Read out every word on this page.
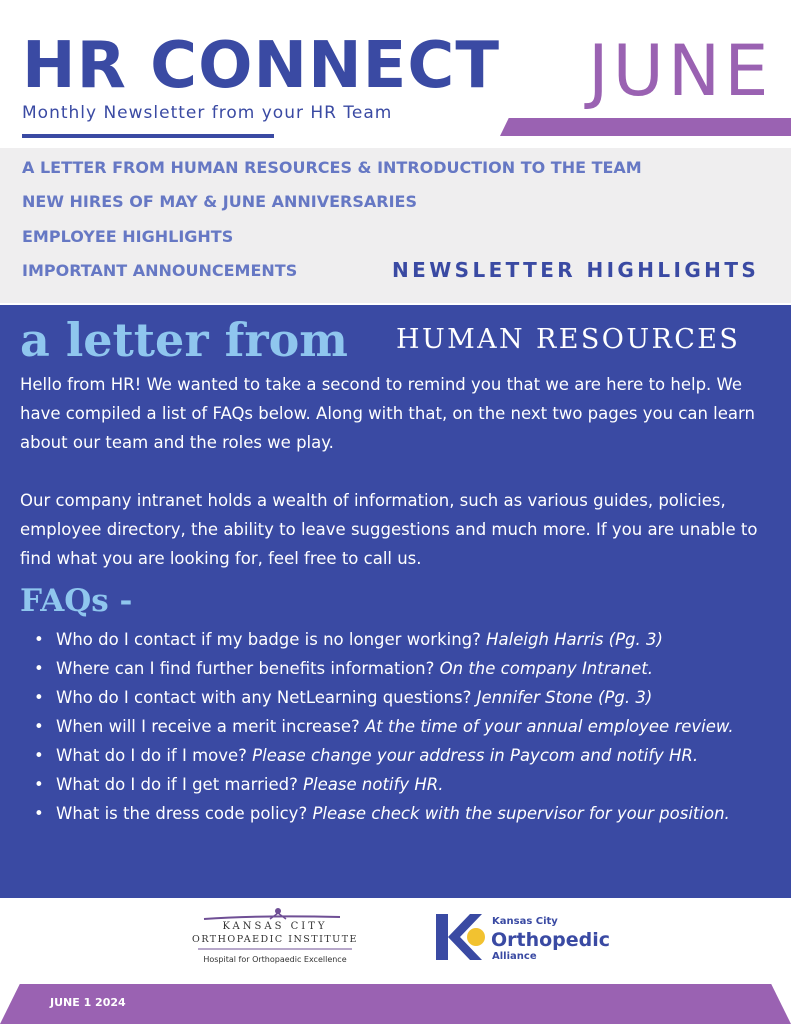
HR CONNECT
Monthly Newsletter from your HR Team
JUNE
A LETTER FROM HUMAN RESOURCES & INTRODUCTION TO THE TEAM
NEW HIRES OF MAY & JUNE ANNIVERSARIES
EMPLOYEE HIGHLIGHTS
IMPORTANT ANNOUNCEMENTS	NEWSLETTER HIGHLIGHTS
a letter from HUMAN RESOURCES
Hello from HR! We wanted to take a second to remind you that we are here to help. We have compiled a list of FAQs below. Along with that, on the next two pages you can learn about our team and the roles we play.
Our company intranet holds a wealth of information, such as various guides, policies, employee directory, the ability to leave suggestions and much more. If you are unable to find what you are looking for, feel free to call us.
FAQs -
• Who do I contact if my badge is no longer working? Haleigh Harris (Pg. 3)
• Where can I find further benefits information? On the company Intranet.
• Who do I contact with any NetLearning questions? Jennifer Stone (Pg. 3)
• When will I receive a merit increase? At the time of your annual employee review.
• What do I do if I move? Please change your address in Paycom and notify HR.
• What do I do if I get married? Please notify HR.
• What is the dress code policy? Please check with the supervisor for your position.
KANSAS CITY
ORTHOPAEDIC INSTITUTE
Hospital for Orthopaedic Excellence
Kansas City
Orthopedic
Alliance
JUNE 1 2024
